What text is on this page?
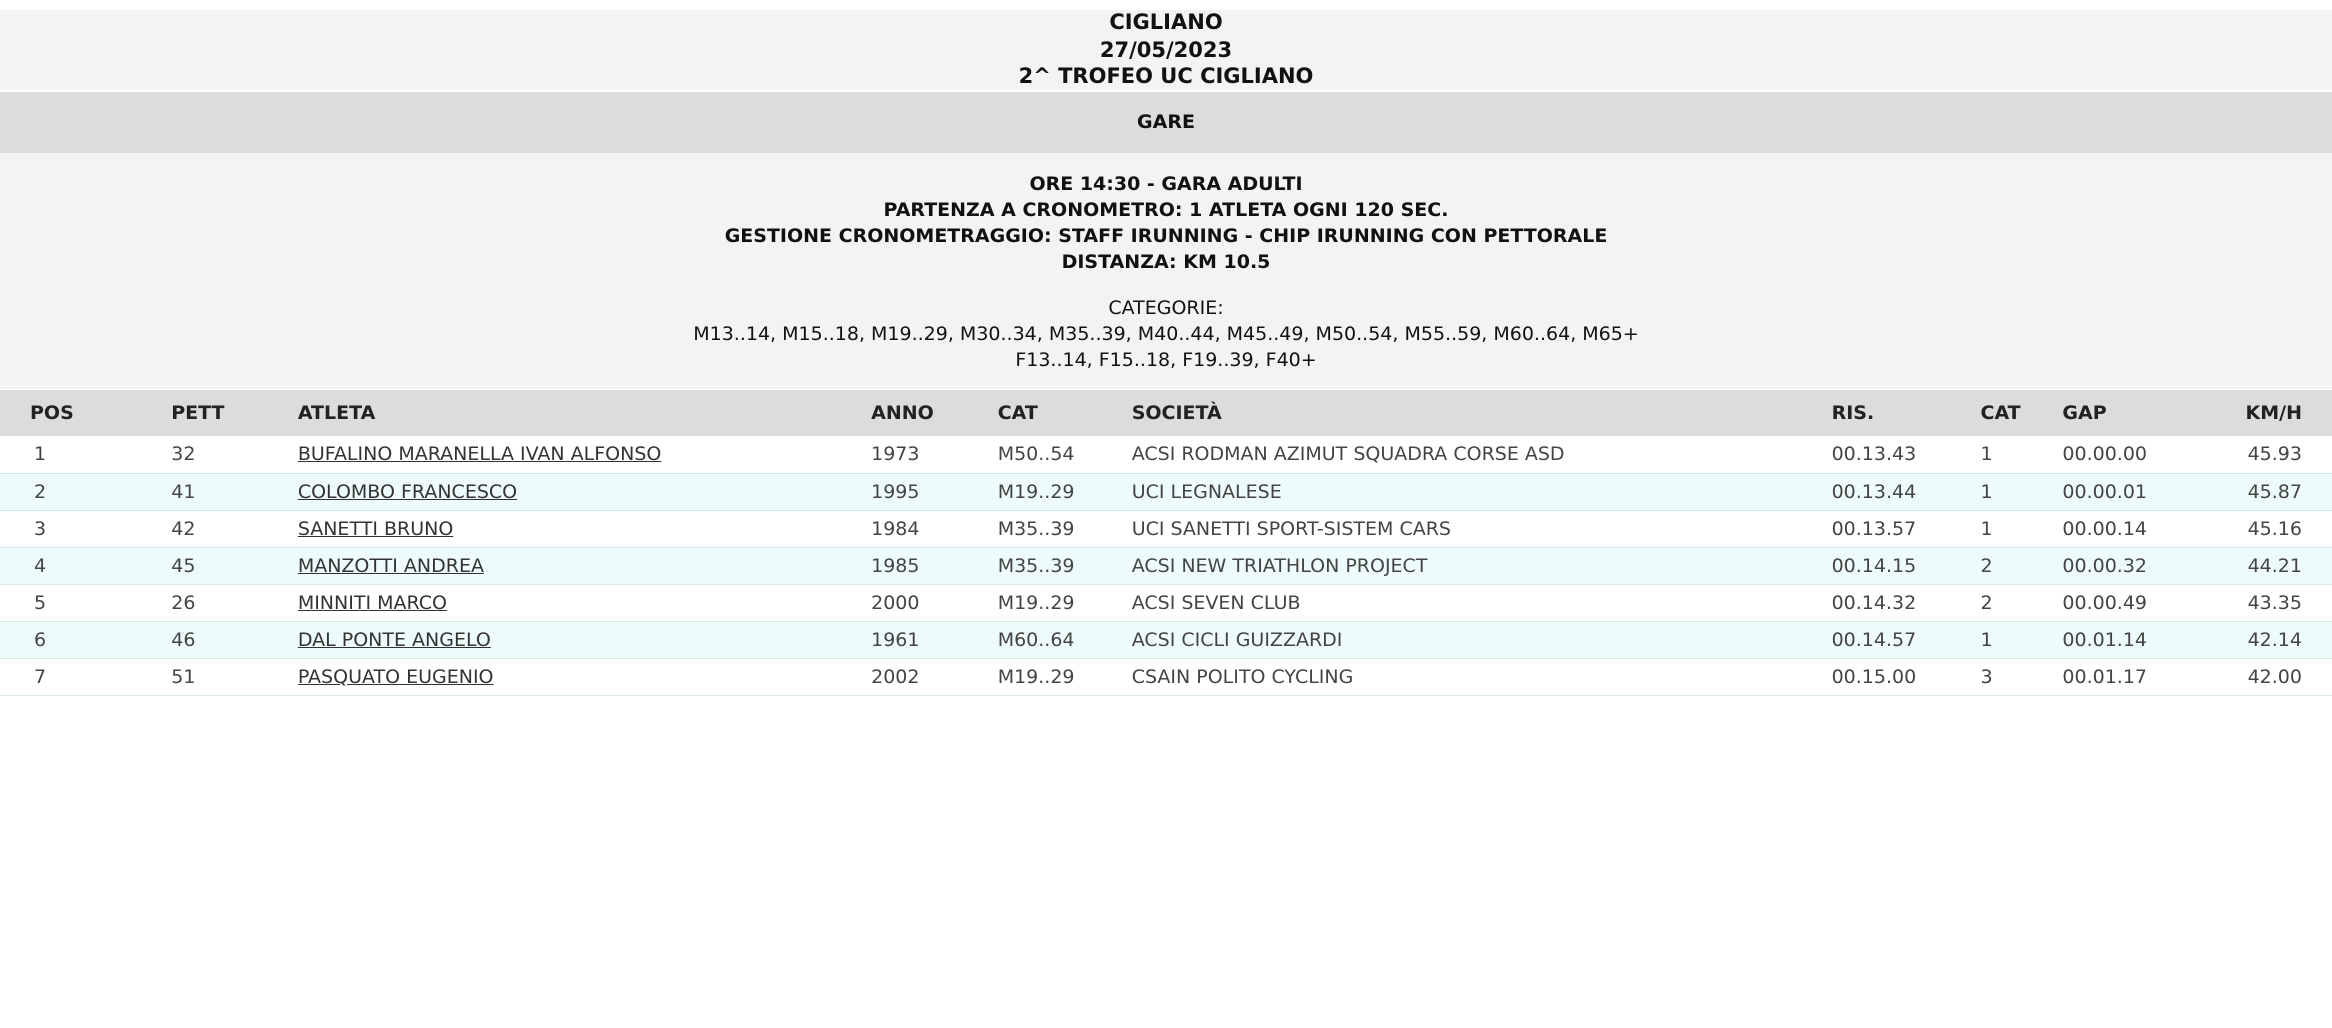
CIGLIANO
27/05/2023
2^ TROFEO UC CIGLIANO
GARE
ORE 14:30 - GARA ADULTI
PARTENZA A CRONOMETRO: 1 ATLETA OGNI 120 SEC.
GESTIONE CRONOMETRAGGIO: STAFF IRUNNING - CHIP IRUNNING CON PETTORALE
DISTANZA: KM 10.5
CATEGORIE:
M13..14, M15..18, M19..29, M30..34, M35..39, M40..44, M45..49, M50..54, M55..59, M60..64, M65+
F13..14, F15..18, F19..39, F40+
POS	PETT	ATLETA	ANNO	CAT	SOCIETÀ	RIS.	CAT	GAP	KM/H
1	32	BUFALINO MARANELLA IVAN ALFONSO	1973	M50..54	ACSI RODMAN AZIMUT SQUADRA CORSE ASD	00.13.43	1	00.00.00	45.93
2	41	COLOMBO FRANCESCO	1995	M19..29	UCI LEGNALESE	00.13.44	1	00.00.01	45.87
3	42	SANETTI BRUNO	1984	M35..39	UCI SANETTI SPORT-SISTEM CARS	00.13.57	1	00.00.14	45.16
4	45	MANZOTTI ANDREA	1985	M35..39	ACSI NEW TRIATHLON PROJECT	00.14.15	2	00.00.32	44.21
5	26	MINNITI MARCO	2000	M19..29	ACSI SEVEN CLUB	00.14.32	2	00.00.49	43.35
6	46	DAL PONTE ANGELO	1961	M60..64	ACSI CICLI GUIZZARDI	00.14.57	1	00.01.14	42.14
7	51	PASQUATO EUGENIO	2002	M19..29	CSAIN POLITO CYCLING	00.15.00	3	00.01.17	42.00
